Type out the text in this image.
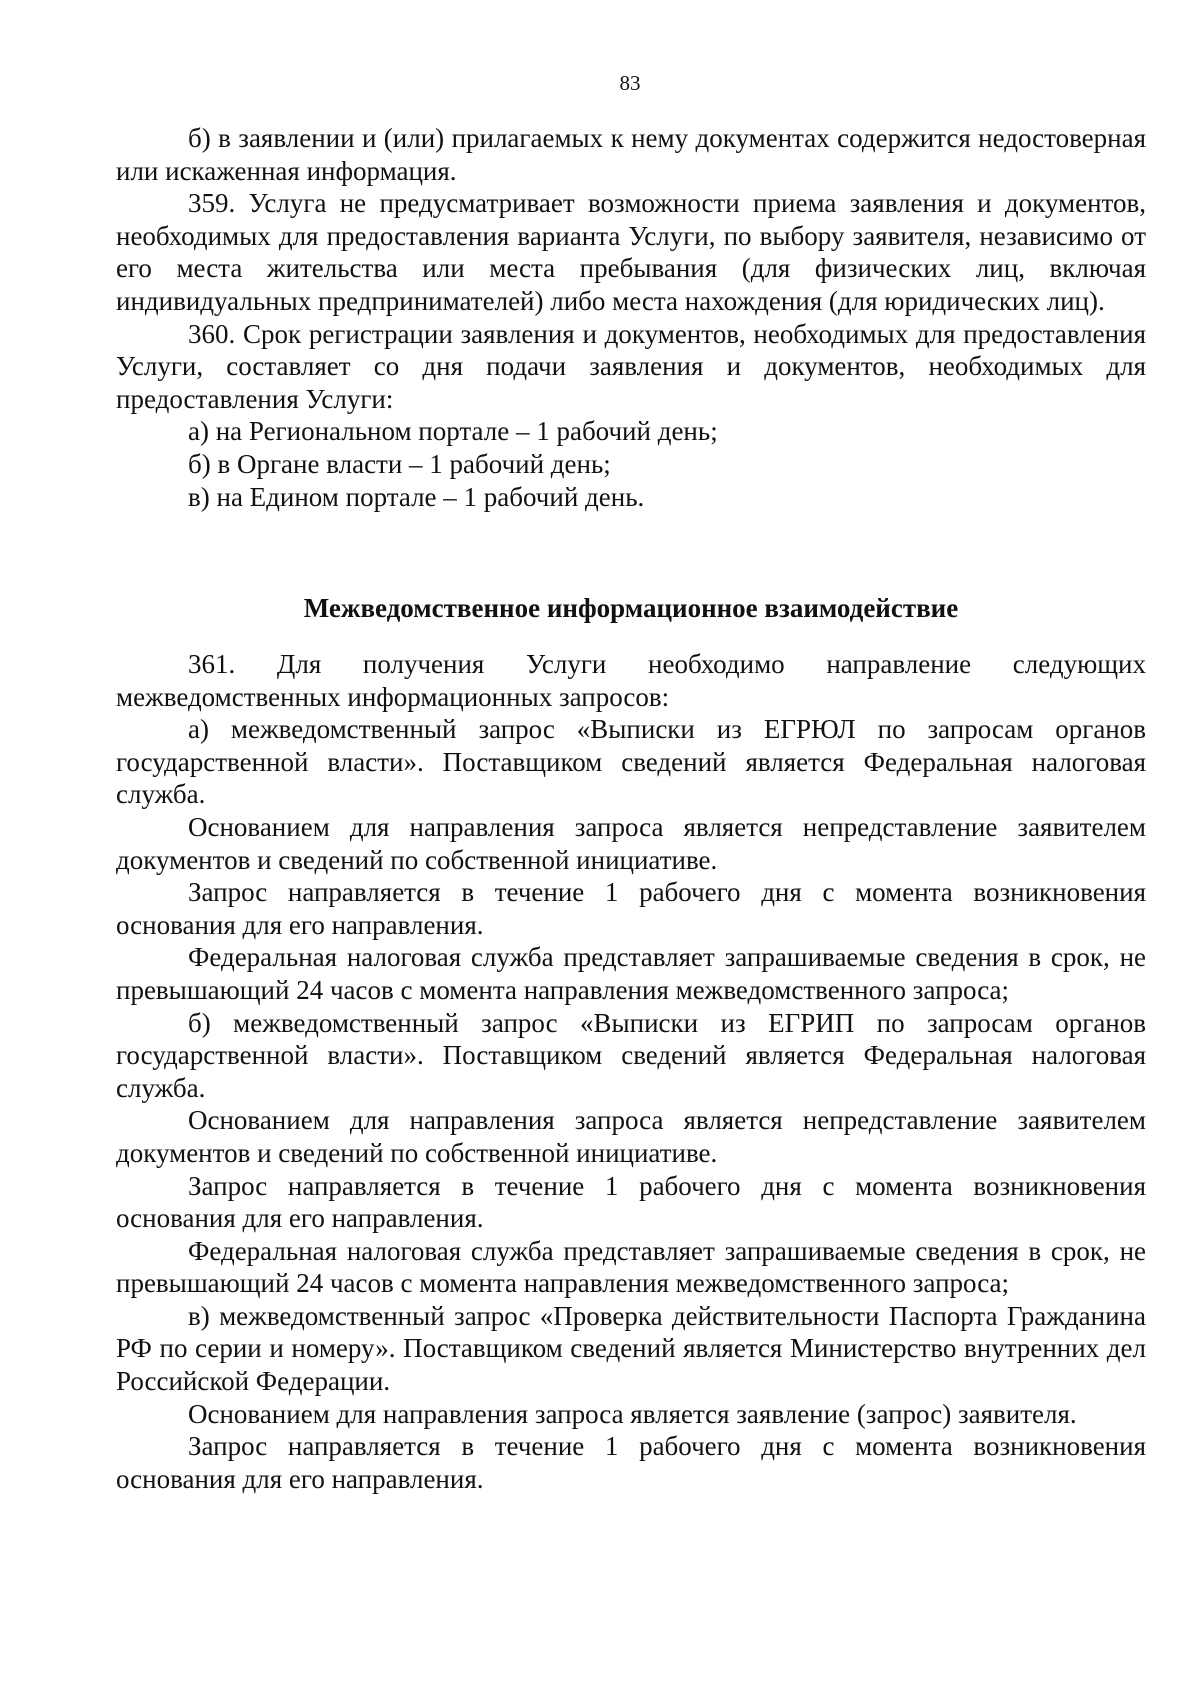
83

б) в заявлении и (или) прилагаемых к нему документах содержится недостоверная или искаженная информация.

359. Услуга не предусматривает возможности приема заявления и документов, необходимых для предоставления варианта Услуги, по выбору заявителя, независимо от его места жительства или места пребывания (для физических лиц, включая индивидуальных предпринимателей) либо места нахождения (для юридических лиц).

360. Срок регистрации заявления и документов, необходимых для предоставления Услуги, составляет со дня подачи заявления и документов, необходимых для предоставления Услуги:

а) на Региональном портале – 1 рабочий день;

б) в Органе власти – 1 рабочий день;

в) на Едином портале – 1 рабочий день.

Межведомственное информационное взаимодействие

361. Для получения Услуги необходимо направление следующих межведомственных информационных запросов:

а) межведомственный запрос «Выписки из ЕГРЮЛ по запросам органов государственной власти». Поставщиком сведений является Федеральная налоговая служба.

Основанием для направления запроса является непредставление заявителем документов и сведений по собственной инициативе.

Запрос направляется в течение 1 рабочего дня с момента возникновения основания для его направления.

Федеральная налоговая служба представляет запрашиваемые сведения в срок, не превышающий 24 часов с момента направления межведомственного запроса;

б) межведомственный запрос «Выписки из ЕГРИП по запросам органов государственной власти». Поставщиком сведений является Федеральная налоговая служба.

Основанием для направления запроса является непредставление заявителем документов и сведений по собственной инициативе.

Запрос направляется в течение 1 рабочего дня с момента возникновения основания для его направления.

Федеральная налоговая служба представляет запрашиваемые сведения в срок, не превышающий 24 часов с момента направления межведомственного запроса;

в) межведомственный запрос «Проверка действительности Паспорта Гражданина РФ по серии и номеру». Поставщиком сведений является Министерство внутренних дел Российской Федерации.

Основанием для направления запроса является заявление (запрос) заявителя.

Запрос направляется в течение 1 рабочего дня с момента возникновения основания для его направления.
